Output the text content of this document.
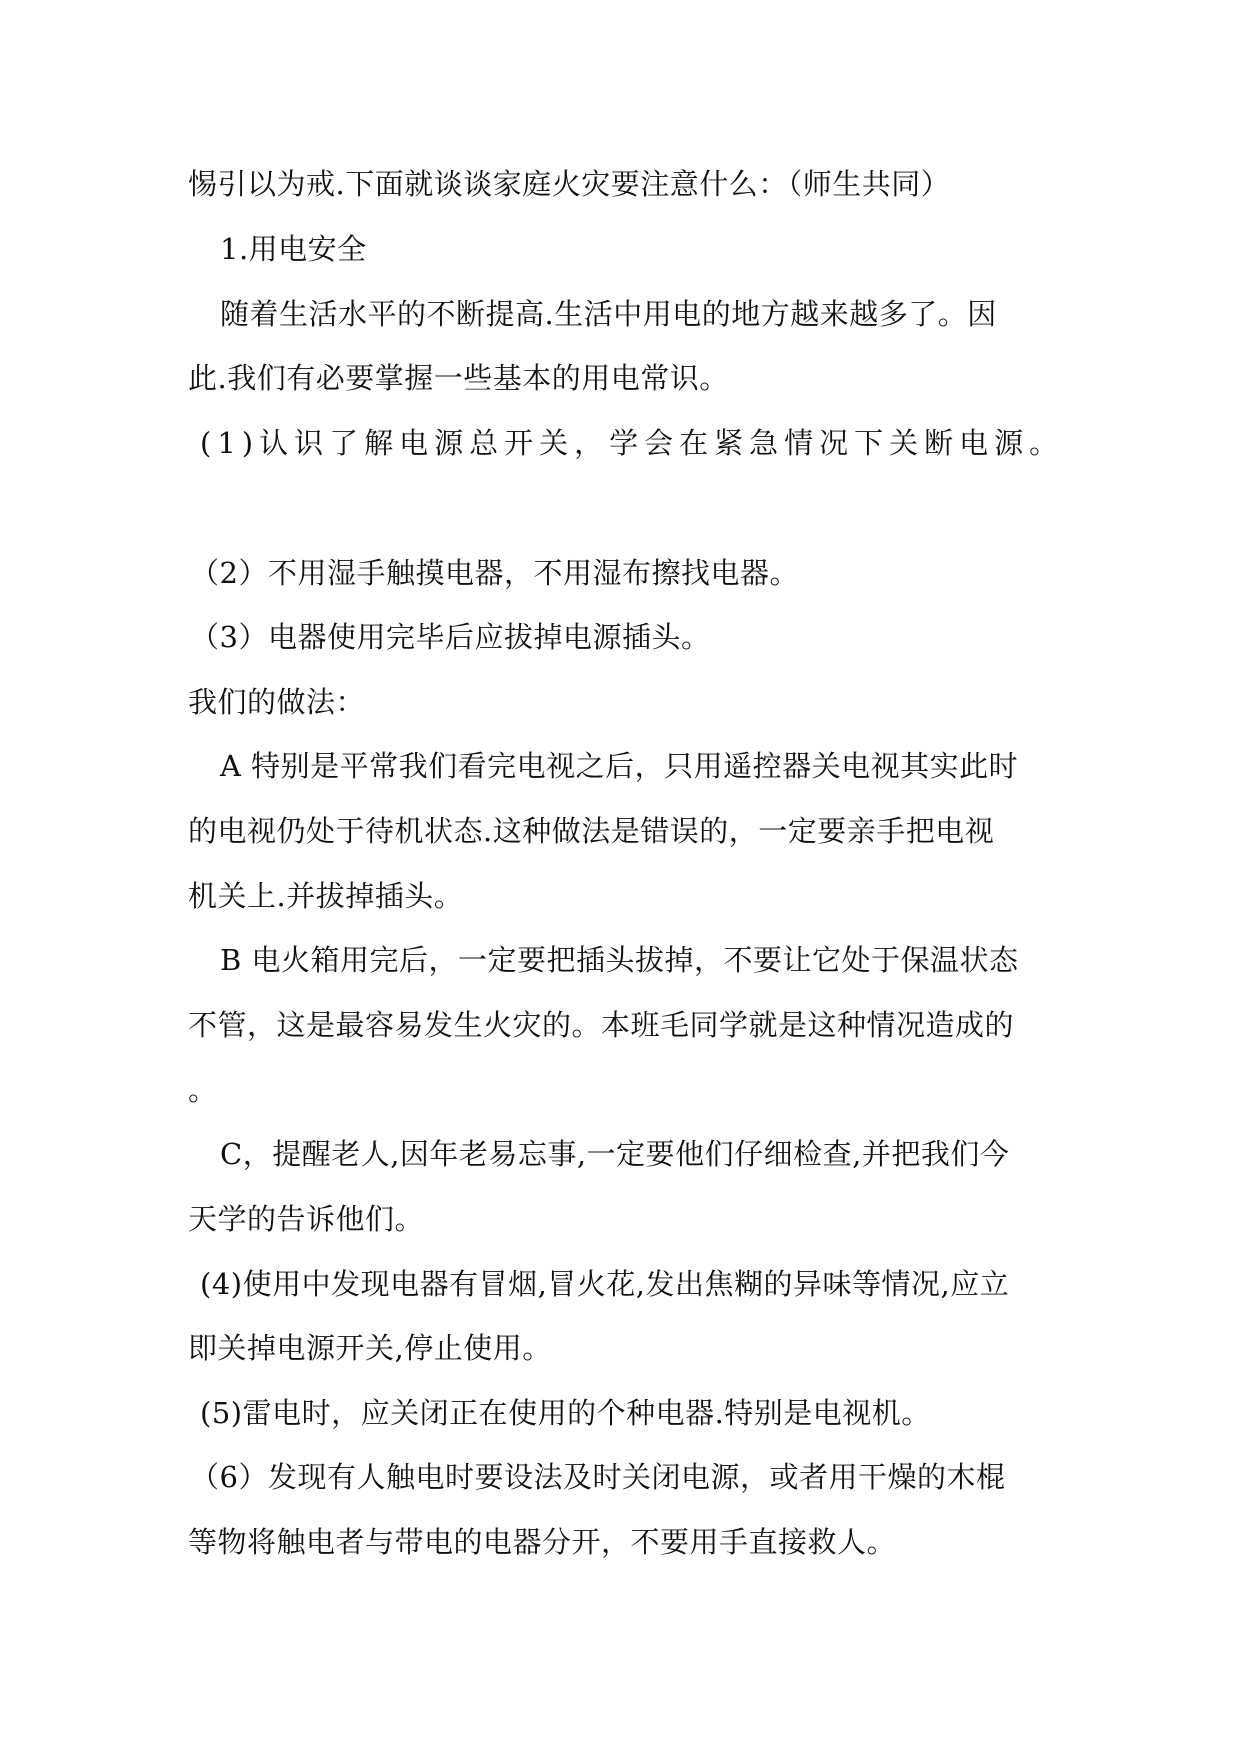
惕引以为戒.下面就谈谈家庭火灾要注意什么：（师生共同）
1.用电安全
随着生活水平的不断提高.生活中用电的地方越来越多了。因
此.我们有必要掌握一些基本的用电常识。
(1)认识了解电源总开关，学会在紧急情况下关断电源。
（2）不用湿手触摸电器，不用湿布擦找电器。
（3）电器使用完毕后应拔掉电源插头。
我们的做法：
A 特别是平常我们看完电视之后，只用遥控器关电视其实此时
的电视仍处于待机状态.这种做法是错误的，一定要亲手把电视
机关上.并拔掉插头。
B 电火箱用完后，一定要把插头拔掉，不要让它处于保温状态
不管，这是最容易发生火灾的。本班毛同学就是这种情况造成的
。
C，提醒老人,因年老易忘事,一定要他们仔细检查,并把我们今
天学的告诉他们。
(4)使用中发现电器有冒烟,冒火花,发出焦糊的异味等情况,应立
即关掉电源开关,停止使用。
(5)雷电时，应关闭正在使用的个种电器.特别是电视机。
（6）发现有人触电时要设法及时关闭电源，或者用干燥的木棍
等物将触电者与带电的电器分开，不要用手直接救人。
